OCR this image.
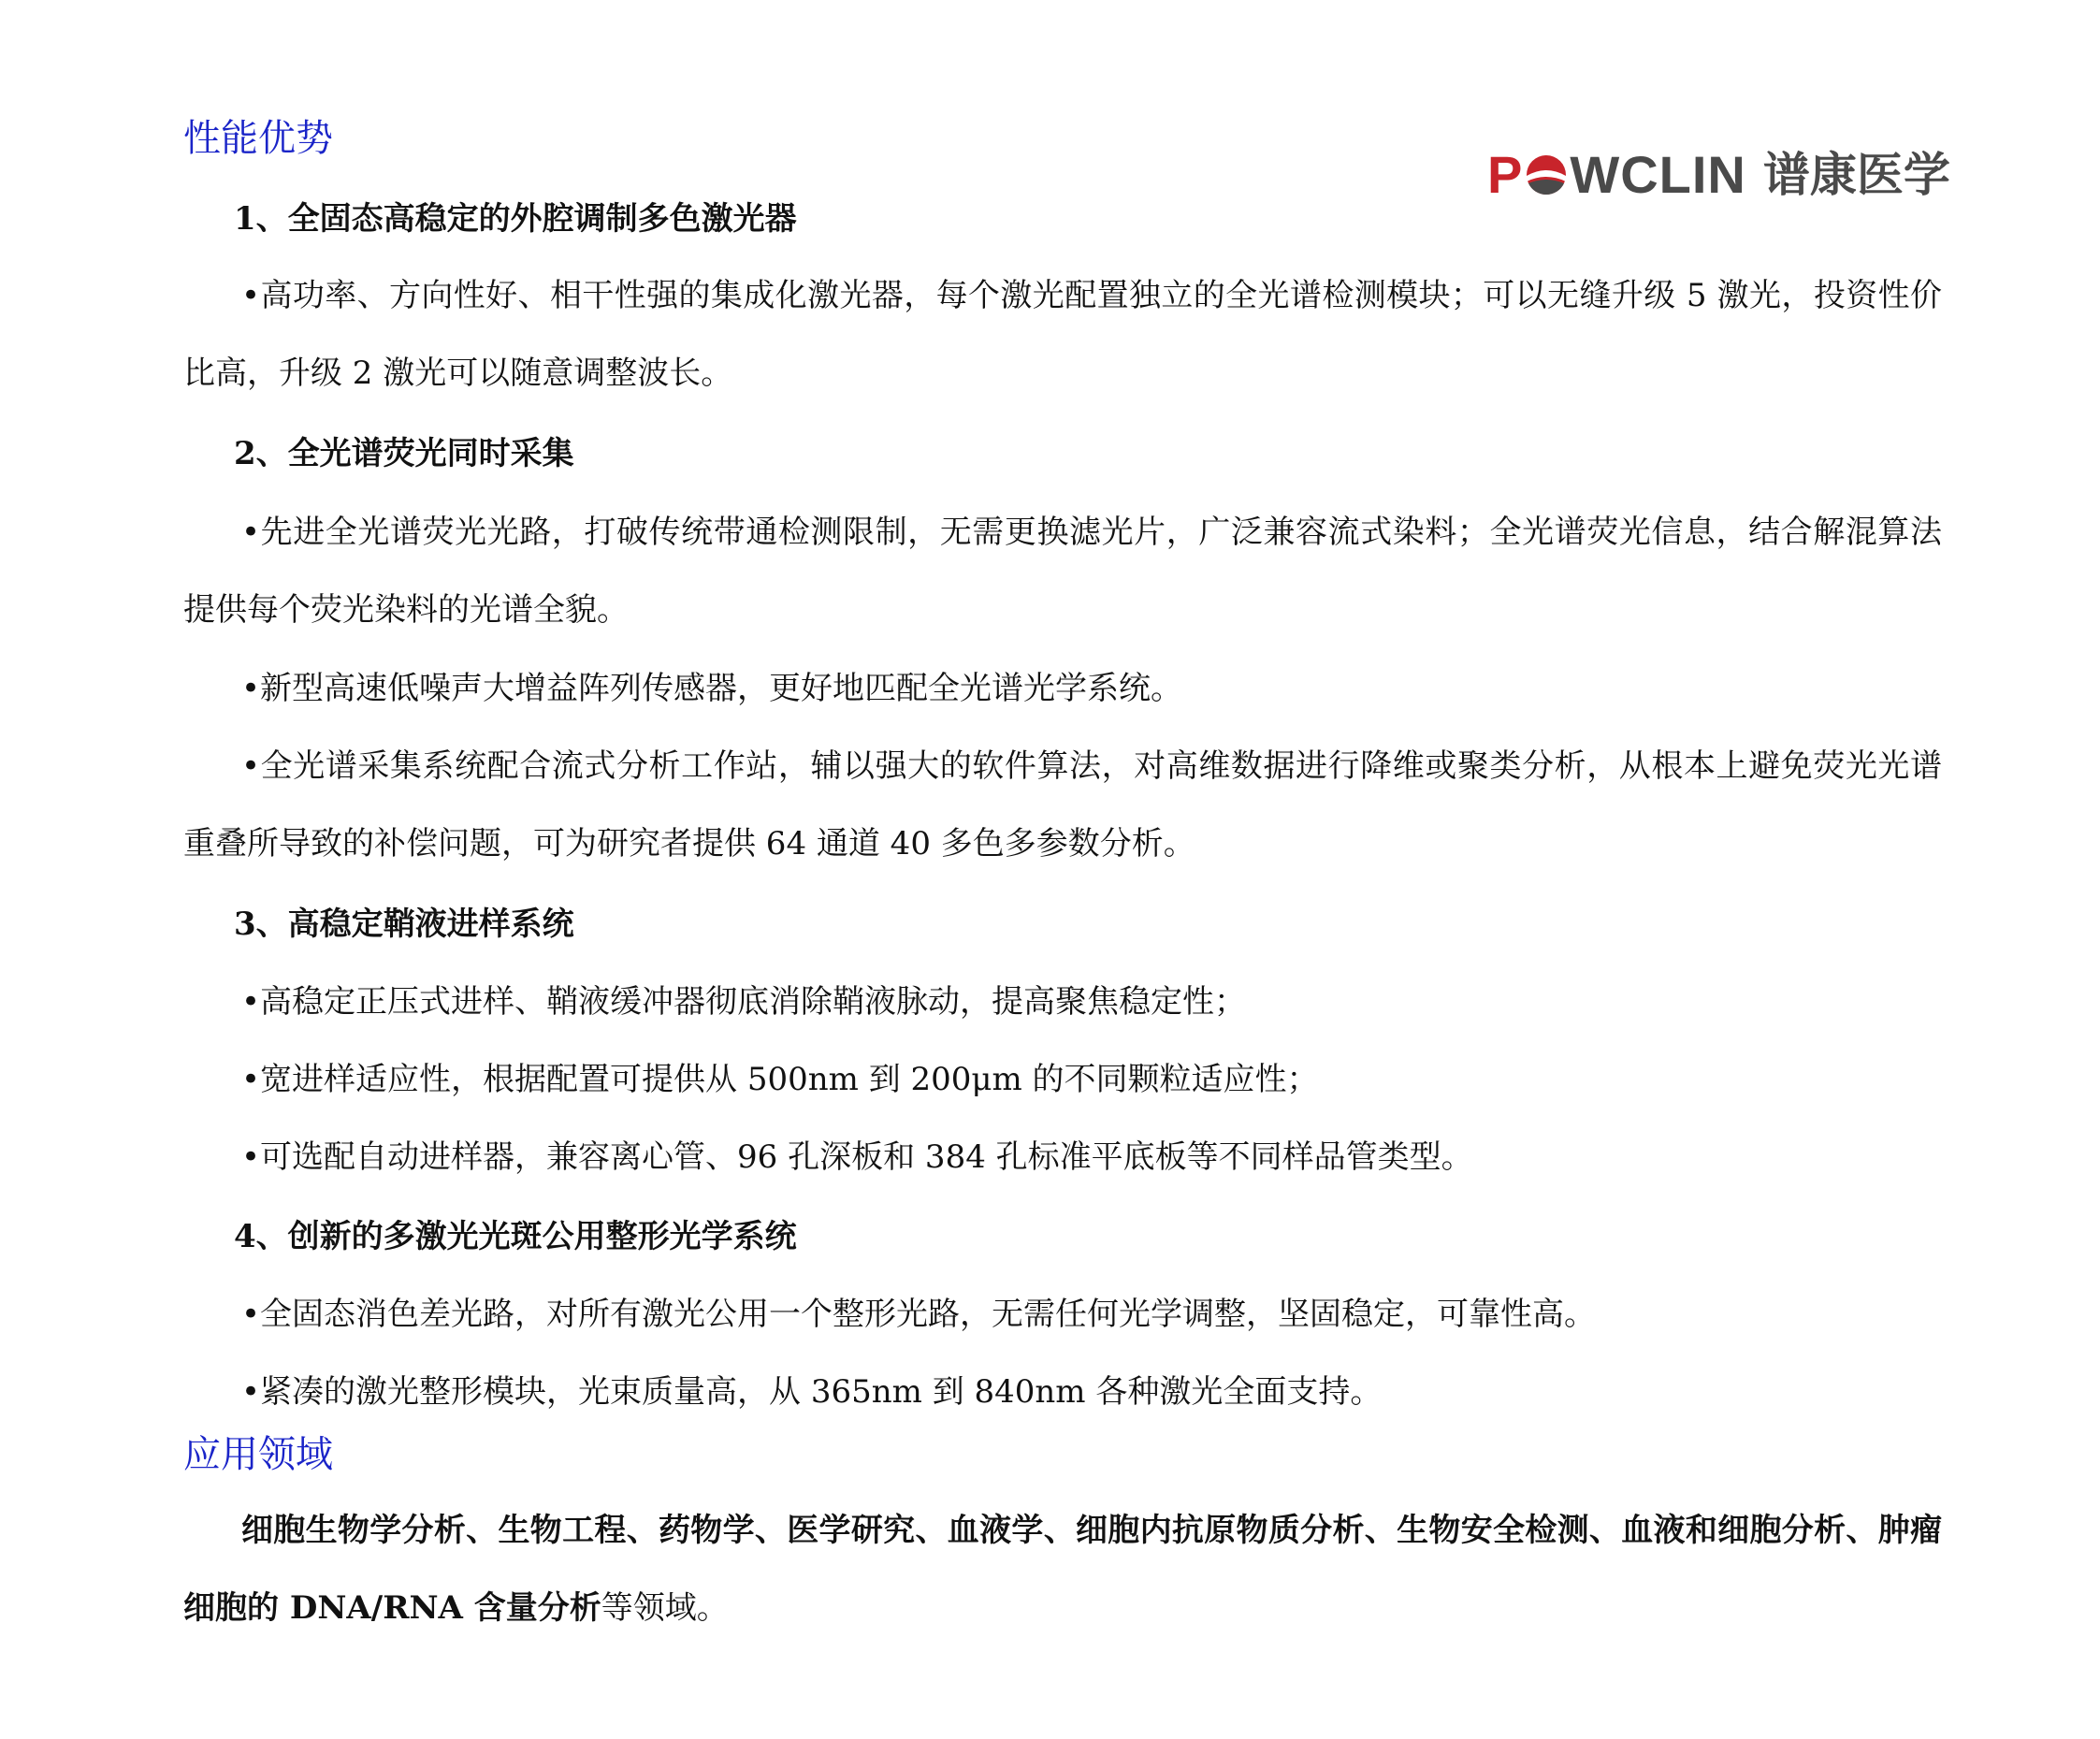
P WCLIN 谱康医学
性能优势
1、全固态高稳定的外腔调制多色激光器

•高功率、方向性好、相干性强的集成化激光器，每个激光配置独立的全光谱检测模块；可以无缝升级 5 激光，投资性价比高，升级 2 激光可以随意调整波长。

2、全光谱荧光同时采集

•先进全光谱荧光光路，打破传统带通检测限制，无需更换滤光片，广泛兼容流式染料；全光谱荧光信息，结合解混算法提供每个荧光染料的光谱全貌。

•新型高速低噪声大增益阵列传感器，更好地匹配全光谱光学系统。

•全光谱采集系统配合流式分析工作站，辅以强大的软件算法，对高维数据进行降维或聚类分析，从根本上避免荧光光谱重叠所导致的补偿问题，可为研究者提供 64 通道 40 多色多参数分析。

3、高稳定鞘液进样系统

•高稳定正压式进样、鞘液缓冲器彻底消除鞘液脉动，提高聚焦稳定性；

•宽进样适应性，根据配置可提供从 500nm 到 200μm 的不同颗粒适应性；

•可选配自动进样器，兼容离心管、96 孔深板和 384 孔标准平底板等不同样品管类型。

4、创新的多激光光斑公用整形光学系统

•全固态消色差光路，对所有激光公用一个整形光路，无需任何光学调整，坚固稳定，可靠性高。

•紧凑的激光整形模块，光束质量高，从 365nm 到 840nm 各种激光全面支持。

应用领域

细胞生物学分析、生物工程、药物学、医学研究、血液学、细胞内抗原物质分析、生物安全检测、血液和细胞分析、肿瘤细胞的 DNA/RNA 含量分析等领域。
